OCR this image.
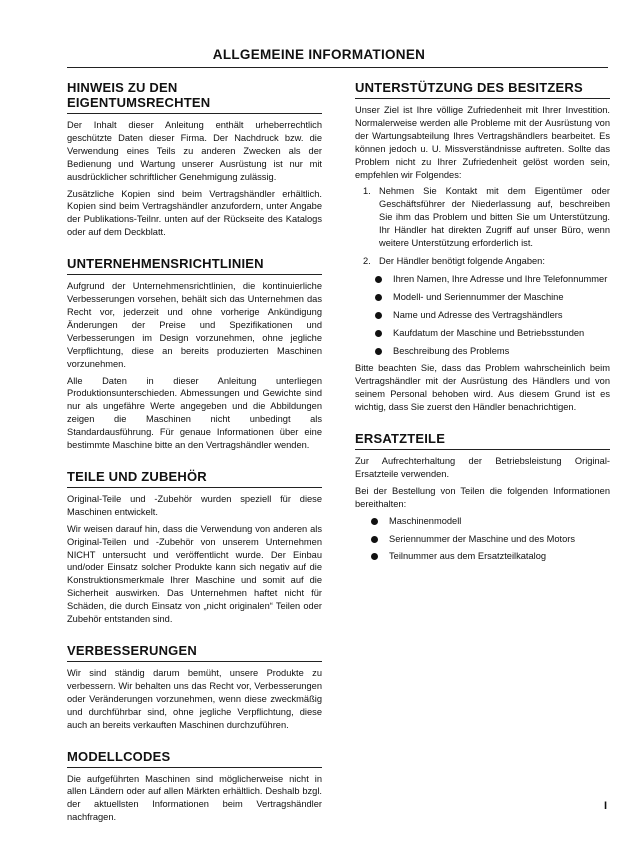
ALLGEMEINE INFORMATIONEN
HINWEIS ZU DEN EIGENTUMSRECHTEN

Der Inhalt dieser Anleitung enthält urheberrechtlich geschützte Daten dieser Firma. Der Nachdruck bzw. die Verwendung eines Teils zu anderen Zwecken als der Bedienung und Wartung unserer Ausrüstung ist nur mit ausdrücklicher schriftlicher Genehmigung zulässig.

Zusätzliche Kopien sind beim Vertragshändler erhältlich. Kopien sind beim Vertragshändler anzufordern, unter Angabe der Publikations-Teilnr. unten auf der Rückseite des Katalogs oder auf dem Deckblatt.

UNTERNEHMENSRICHTLINIEN

Aufgrund der Unternehmensrichtlinien, die kontinuierliche Verbesserungen vorsehen, behält sich das Unternehmen das Recht vor, jederzeit und ohne vorherige Ankündigung Änderungen der Preise und Spezifikationen und Verbesserungen im Design vorzunehmen, ohne jegliche Verpflichtung, diese an bereits produzierten Maschinen vorzunehmen.

Alle Daten in dieser Anleitung unterliegen Produktionsunterschieden. Abmessungen und Gewichte sind nur als ungefähre Werte angegeben und die Abbildungen zeigen die Maschinen nicht unbedingt als Standardausführung. Für genaue Informationen über eine bestimmte Maschine bitte an den Vertragshändler wenden.

TEILE UND ZUBEHÖR

Original-Teile und -Zubehör wurden speziell für diese Maschinen entwickelt.

Wir weisen darauf hin, dass die Verwendung von anderen als Original-Teilen und -Zubehör von unserem Unternehmen NICHT untersucht und veröffentlicht wurde. Der Einbau und/oder Einsatz solcher Produkte kann sich negativ auf die Konstruktionsmerkmale Ihrer Maschine und somit auf die Sicherheit auswirken. Das Unternehmen haftet nicht für Schäden, die durch Einsatz von „nicht originalen“ Teilen oder Zubehör entstanden sind.

VERBESSERUNGEN

Wir sind ständig darum bemüht, unsere Produkte zu verbessern. Wir behalten uns das Recht vor, Verbesserungen oder Veränderungen vorzunehmen, wenn diese zweckmäßig und durchführbar sind, ohne jegliche Verpflichtung, diese auch an bereits verkauften Maschinen durchzuführen.

MODELLCODES

Die aufgeführten Maschinen sind möglicherweise nicht in allen Ländern oder auf allen Märkten erhältlich. Deshalb bzgl. der aktuellsten Informationen beim Vertragshändler nachfragen.

UNTERSTÜTZUNG DES BESITZERS

Unser Ziel ist Ihre völlige Zufriedenheit mit Ihrer Investition. Normalerweise werden alle Probleme mit der Ausrüstung von der Wartungsabteilung Ihres Vertragshändlers bearbeitet. Es können jedoch u. U. Missverständnisse auftreten. Sollte das Problem nicht zu Ihrer Zufriedenheit gelöst worden sein, empfehlen wir Folgendes:

1. Nehmen Sie Kontakt mit dem Eigentümer oder Geschäftsführer der Niederlassung auf, beschreiben Sie ihm das Problem und bitten Sie um Unterstützung. Ihr Händler hat direkten Zugriff auf unser Büro, wenn weitere Unterstützung erforderlich ist.
2. Der Händler benötigt folgende Angaben:
Ihren Namen, Ihre Adresse und Ihre Telefonnummer
Modell- und Seriennummer der Maschine
Name und Adresse des Vertragshändlers
Kaufdatum der Maschine und Betriebsstunden
Beschreibung des Problems

Bitte beachten Sie, dass das Problem wahrscheinlich beim Vertragshändler mit der Ausrüstung des Händlers und von seinem Personal behoben wird. Aus diesem Grund ist es wichtig, dass Sie zuerst den Händler benachrichtigen.

ERSATZTEILE

Zur Aufrechterhaltung der Betriebsleistung Original-Ersatzteile verwenden.

Bei der Bestellung von Teilen die folgenden Informationen bereithalten:

Maschinenmodell
Seriennummer der Maschine und des Motors
Teilnummer aus dem Ersatzteilkatalog
I
